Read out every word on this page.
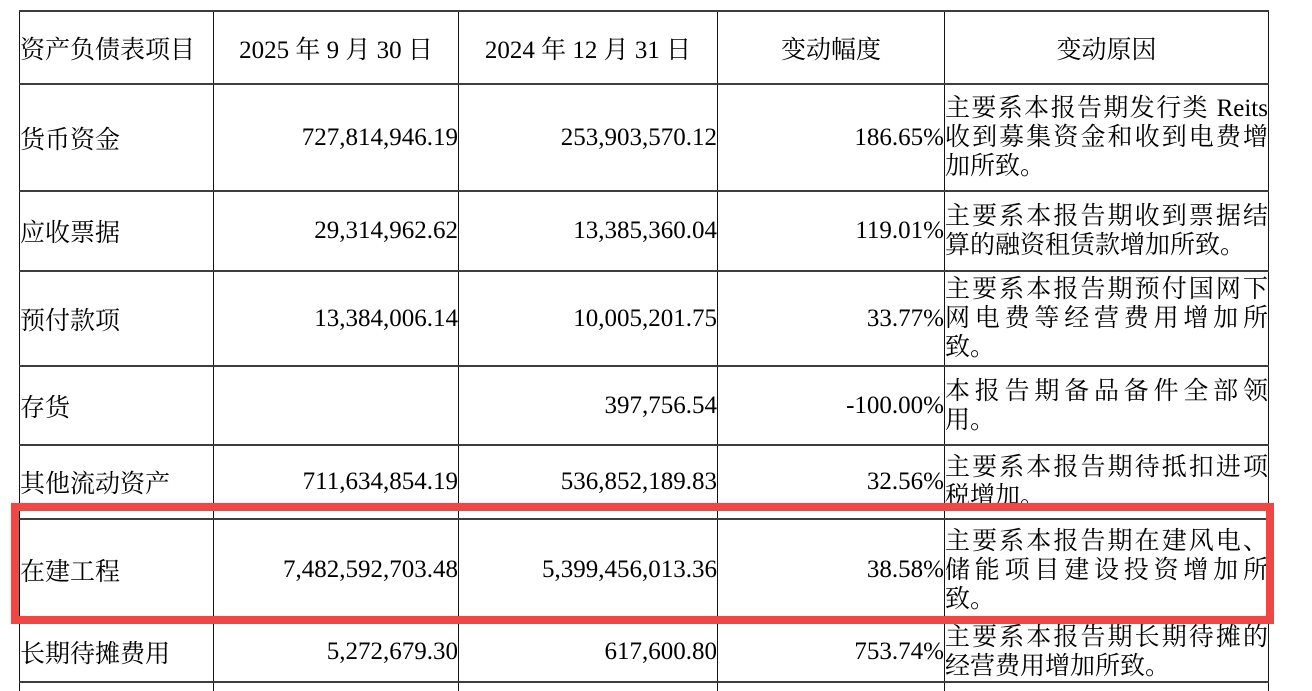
资产负债表项目	2025 年 9 月 30 日	2024 年 12 月 31 日	变动幅度	变动原因
货币资金	727,814,946.19	253,903,570.12	186.65%	主要系本报告期发行类 Reits 收到募集资金和收到电费增加所致。
应收票据	29,314,962.62	13,385,360.04	119.01%	主要系本报告期收到票据结算的融资租赁款增加所致。
预付款项	13,384,006.14	10,005,201.75	33.77%	主要系本报告期预付国网下网电费等经营费用增加所致。
存货		397,756.54	-100.00%	本报告期备品备件全部领用。
其他流动资产	711,634,854.19	536,852,189.83	32.56%	主要系本报告期待抵扣进项税增加。
在建工程	7,482,592,703.48	5,399,456,013.36	38.58%	主要系本报告期在建风电、储能项目建设投资增加所致。
长期待摊费用	5,272,679.30	617,600.80	753.74%	主要系本报告期长期待摊的经营费用增加所致。
